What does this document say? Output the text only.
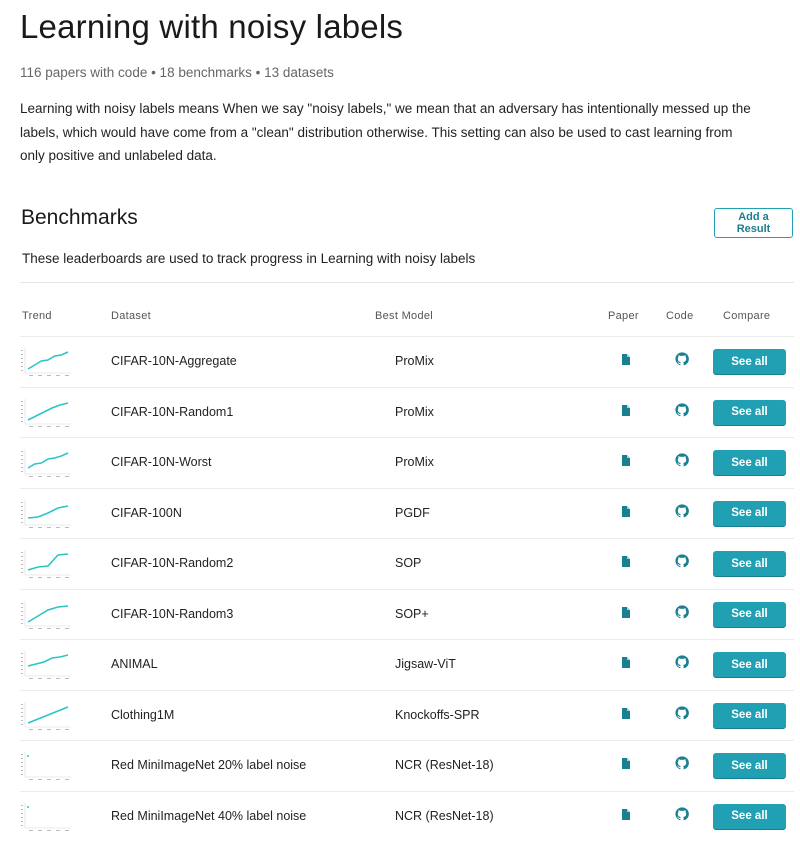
Learning with noisy labels
116 papers with code • 18 benchmarks • 13 datasets

Learning with noisy labels means When we say "noisy labels," we mean that an adversary has intentionally messed up the labels, which would have come from a "clean" distribution otherwise. This setting can also be used to cast learning from only positive and unlabeled data.

Benchmarks	Add a Result
These leaderboards are used to track progress in Learning with noisy labels
Trend	Dataset	Best Model	Paper Code	Compare
CIFAR-10N-Aggregate	ProMix	See all
CIFAR-10N-Random1	ProMix	See all
CIFAR-10N-Worst	ProMix	See all
CIFAR-100N	PGDF	See all
CIFAR-10N-Random2	SOP	See all
CIFAR-10N-Random3	SOP+	See all
ANIMAL	Jigsaw-ViT	See all
Clothing1M	Knockoffs-SPR	See all
Red MiniImageNet 20% label noise	NCR (ResNet-18)	See all
Red MiniImageNet 40% label noise	NCR (ResNet-18)	See all
